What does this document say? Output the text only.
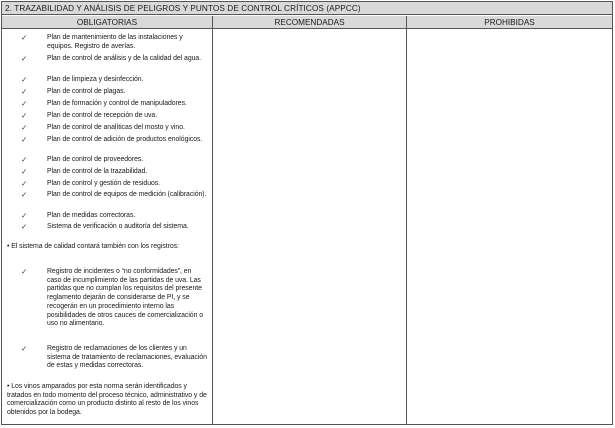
2. TRAZABILIDAD Y ANÁLISIS DE PELIGROS Y PUNTOS DE CONTROL CRÍTICOS (APPCC)
OBLIGATORIAS	RECOMENDADAS	PROHIBIDAS
✓	Plan de mantenimiento de las instalaciones y equipos. Registro de averías.
✓	Plan de control de análisis y de la calidad del agua.
✓	Plan de limpieza y desinfección.
✓	Plan de control de plagas.
✓	Plan de formación y control de manipuladores.
✓	Plan de control de recepción de uva.
✓	Plan de control de analíticas del mosto y vino.
✓	Plan de control de adición de productos enológicos.
✓	Plan de control de proveedores.
✓	Plan de control de la trazabilidad.
✓	Plan de control y gestión de residuos.
✓	Plan de control de equipos de medición (calibración).
✓	Plan de medidas correctoras.
✓	Sistema de verificación o auditoría del sistema.
• El sistema de calidad contará también con los registros:
✓	Registro de incidentes o “no conformidades”, en caso de incumplimiento de las partidas de uva. Las partidas que no cumplan los requisitos del presente reglamento dejarán de considerarse de PI, y se recogerán en un procedimiento interno las posibilidades de otros cauces de comercialización o uso no alimentario.
✓	Registro de reclamaciones de los clientes y un sistema de tratamiento de reclamaciones, evaluación de estas y medidas correctoras.
• Los vinos amparados por esta norma serán identificados y tratados en todo momento del proceso técnico, administrativo y de comercialización como un producto distinto al resto de los vinos obtenidos por la bodega.
